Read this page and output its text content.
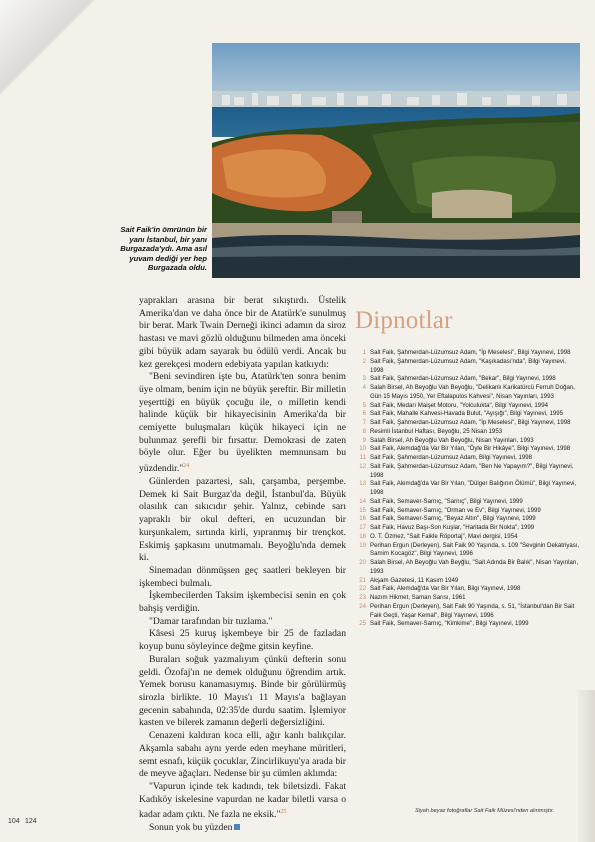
Sait Faik'in ömrünün bir yanı İstanbul, bir yanı Burgazada'ydı. Ama asıl yuvam dediği yer hep Burgazada oldu.

yaprakları arasına bir berat sıkıştırdı. Üstelik Amerika'dan ve daha önce bir de Atatürk'e sunulmuş bir berat. Mark Twain Derneği ikinci adamın da siroz hastası ve mavi gözlü olduğunu bilmeden ama önceki gibi büyük adam sayarak bu ödülü verdi. Ancak bu kez gerekçesi modern edebiyata yapılan katkıydı:

"Beni sevindiren işte bu, Atatürk'ten sonra benim üye olmam, benim için ne büyük şereftir. Bir milletin yeşerttiği en büyük çocuğu ile, o milletin kendi halinde küçük bir hikayecisinin Amerika'da bir cemiyette buluşmaları küçük hikayeci için ne bulunmaz şerefli bir fırsattır. Demokrasi de zaten böyle olur. Eğer bu üyelikten memnunsam bu yüzdendir."$^{24}$

Günlerden pazartesi, salı, çarşamba, perşembe. Demek ki Sait Burgaz'da değil, İstanbul'da. Büyük olasılık can sıkıcıdır şehir. Yalnız, cebinde sarı yapraklı bir okul defteri, en ucuzundan bir kurşunkalem, sırtında kirli, yıpranmış bir trençkot. Eskimiş şapkasını unutmamalı. Beyoğlu'nda demek ki.

Sinemadan dönmüşsen geç saatleri bekleyen bir işkembeci bulmalı.

İşkembecilerden Taksim işkembecisi senin en çok bahşiş verdiğin.

"Damar tarafından bir tuzlama."

Kâsesi 25 kuruş işkembeye bir 25 de fazladan koyup bunu söyleyince değme gitsin keyfine.

Buraları soğuk yazmalıyım çünkü defterin sonu geldi. Özofaj'ın ne demek olduğunu öğrendim artık. Yemek borusu kanamasıymış. Binde bir görülürmüş sirozla birlikte. 10 Mayıs'ı 11 Mayıs'a bağlayan gecenin sabahında, 02:35'de durdu saatim. İşlemiyor kasten ve bilerek zamanın değerli değersizliğini.

Cenazeni kaldıran koca elli, ağır kanlı balıkçılar. Akşamla sabahı aynı yerde eden meyhane müritleri, semt esnafı, küçük çocuklar, Zincirlikuyu'ya arada bir de meyve ağaçları. Nedense bir şu cümlen aklımda:

"Vapurun içinde tek kadındı, tek biletsizdi. Fakat Kadıköy iskelesine vapurdan ne kadar biletli varsa o kadar adam çıktı. Ne fazla ne eksik."$^{25}$

Sonun yok bu yüzden

Dipnotlar
1 Sait Faik, Şahmerdan-Lüzumsuz Adam, "İp Meselesi", Bilgi Yayınevi, 1998
2 Sait Faik, Şahmerdan-Lüzumsuz Adam, "Kaşıkadası'nda", Bilgi Yayınevi, 1998
3 Sait Faik, Şahmerdan-Lüzumsuz Adam, "Bekar", Bilgi Yayınevi, 1998
4 Salah Birsel, Ah Beyoğlu Vah Beyoğlu, "Delikanlı Karikatürcü Ferruh Doğan, Gün 15 Mayıs 1950, Yer Eftalapulos Kahvesi", Nisan Yayınları, 1993
5 Sait Faik, Medarı Maişet Motoru, "Yolculukta", Bilgi Yayınevi, 1994
6 Sait Faik, Mahalle Kahvesi-Havada Bulut, "Ayışığı", Bilgi Yayınevi, 1995
7 Sait Faik, Şahmerdan-Lüzumsuz Adam, "İp Meselesi", Bilgi Yayınevi, 1998
8 Resimli İstanbul Haftası, Beyoğlu, 25 Nisan 1953
9 Salah Birsel, Ah Beyoğlu Vah Beyoğlu, Nisan Yayınları, 1993
10 Sait Faik, Alemdağ'da Var Bir Yılan, "Öyle Bir Hikâye", Bilgi Yayınevi, 1998
11 Sait Faik, Şahmerdan-Lüzumsuz Adam, Bilgi Yayınevi, 1998
12 Sait Faik, Şahmerdan-Lüzumsuz Adam, "Ben Ne Yapayım?", Bilgi Yayınevi, 1998
13 Sait Faik, Alemdağ'da Var Bir Yılan, "Dülger Balığının Ölümü", Bilgi Yayınevi, 1998
14 Sait Faik, Semaver-Sarnıç, "Sarnıç", Bilgi Yayınevi, 1999
15 Sait Faik, Semaver-Sarnıç, "Orman ve Ev", Bilgi Yayınevi, 1999
16 Sait Faik, Semaver-Sarnıç, "Beyaz Altın", Bilgi Yayınevi, 1999
17 Sait Faik, Havuz Başı-Son Kuşlar, "Haritada Bir Nokta", 1999
18 O. T. Özmez, "Sait Faikle Röportaj", Mavi dergisi, 1954
19 Perihan Ergun (Derleyen), Sait Faik 90 Yaşında, s. 109 "Sevginin Dekatriyası, Samim Kocagöz", Bilgi Yayınevi, 1996
20 Salah Birsel, Ah Beyoğlu Vah Beyğlu, "Sait Adında Bir Balık", Nisan Yayınları, 1993
21 Akşam Gazetesi, 11 Kasım 1949
22 Sait Faik, Alemdağ'da Var Bir Yılan, Bilgi Yayınevi, 1998
23 Nazım Hikmet, Saman Sarısı, 1961
24 Perihan Ergun (Derleyen), Sait Faik 90 Yaşında, s. 51, "İstanbul'dan Bir Sait Faik Geçti, Yaşar Kemal", Bilgi Yayınevi, 1996
25 Sait Faik, Semaver-Sarnıç, "Kimkime", Bilgi Yayınevi, 1999
Siyah beyaz fotoğraflar Sait Faik Müzesi'nden alınmıştır.
104 124
